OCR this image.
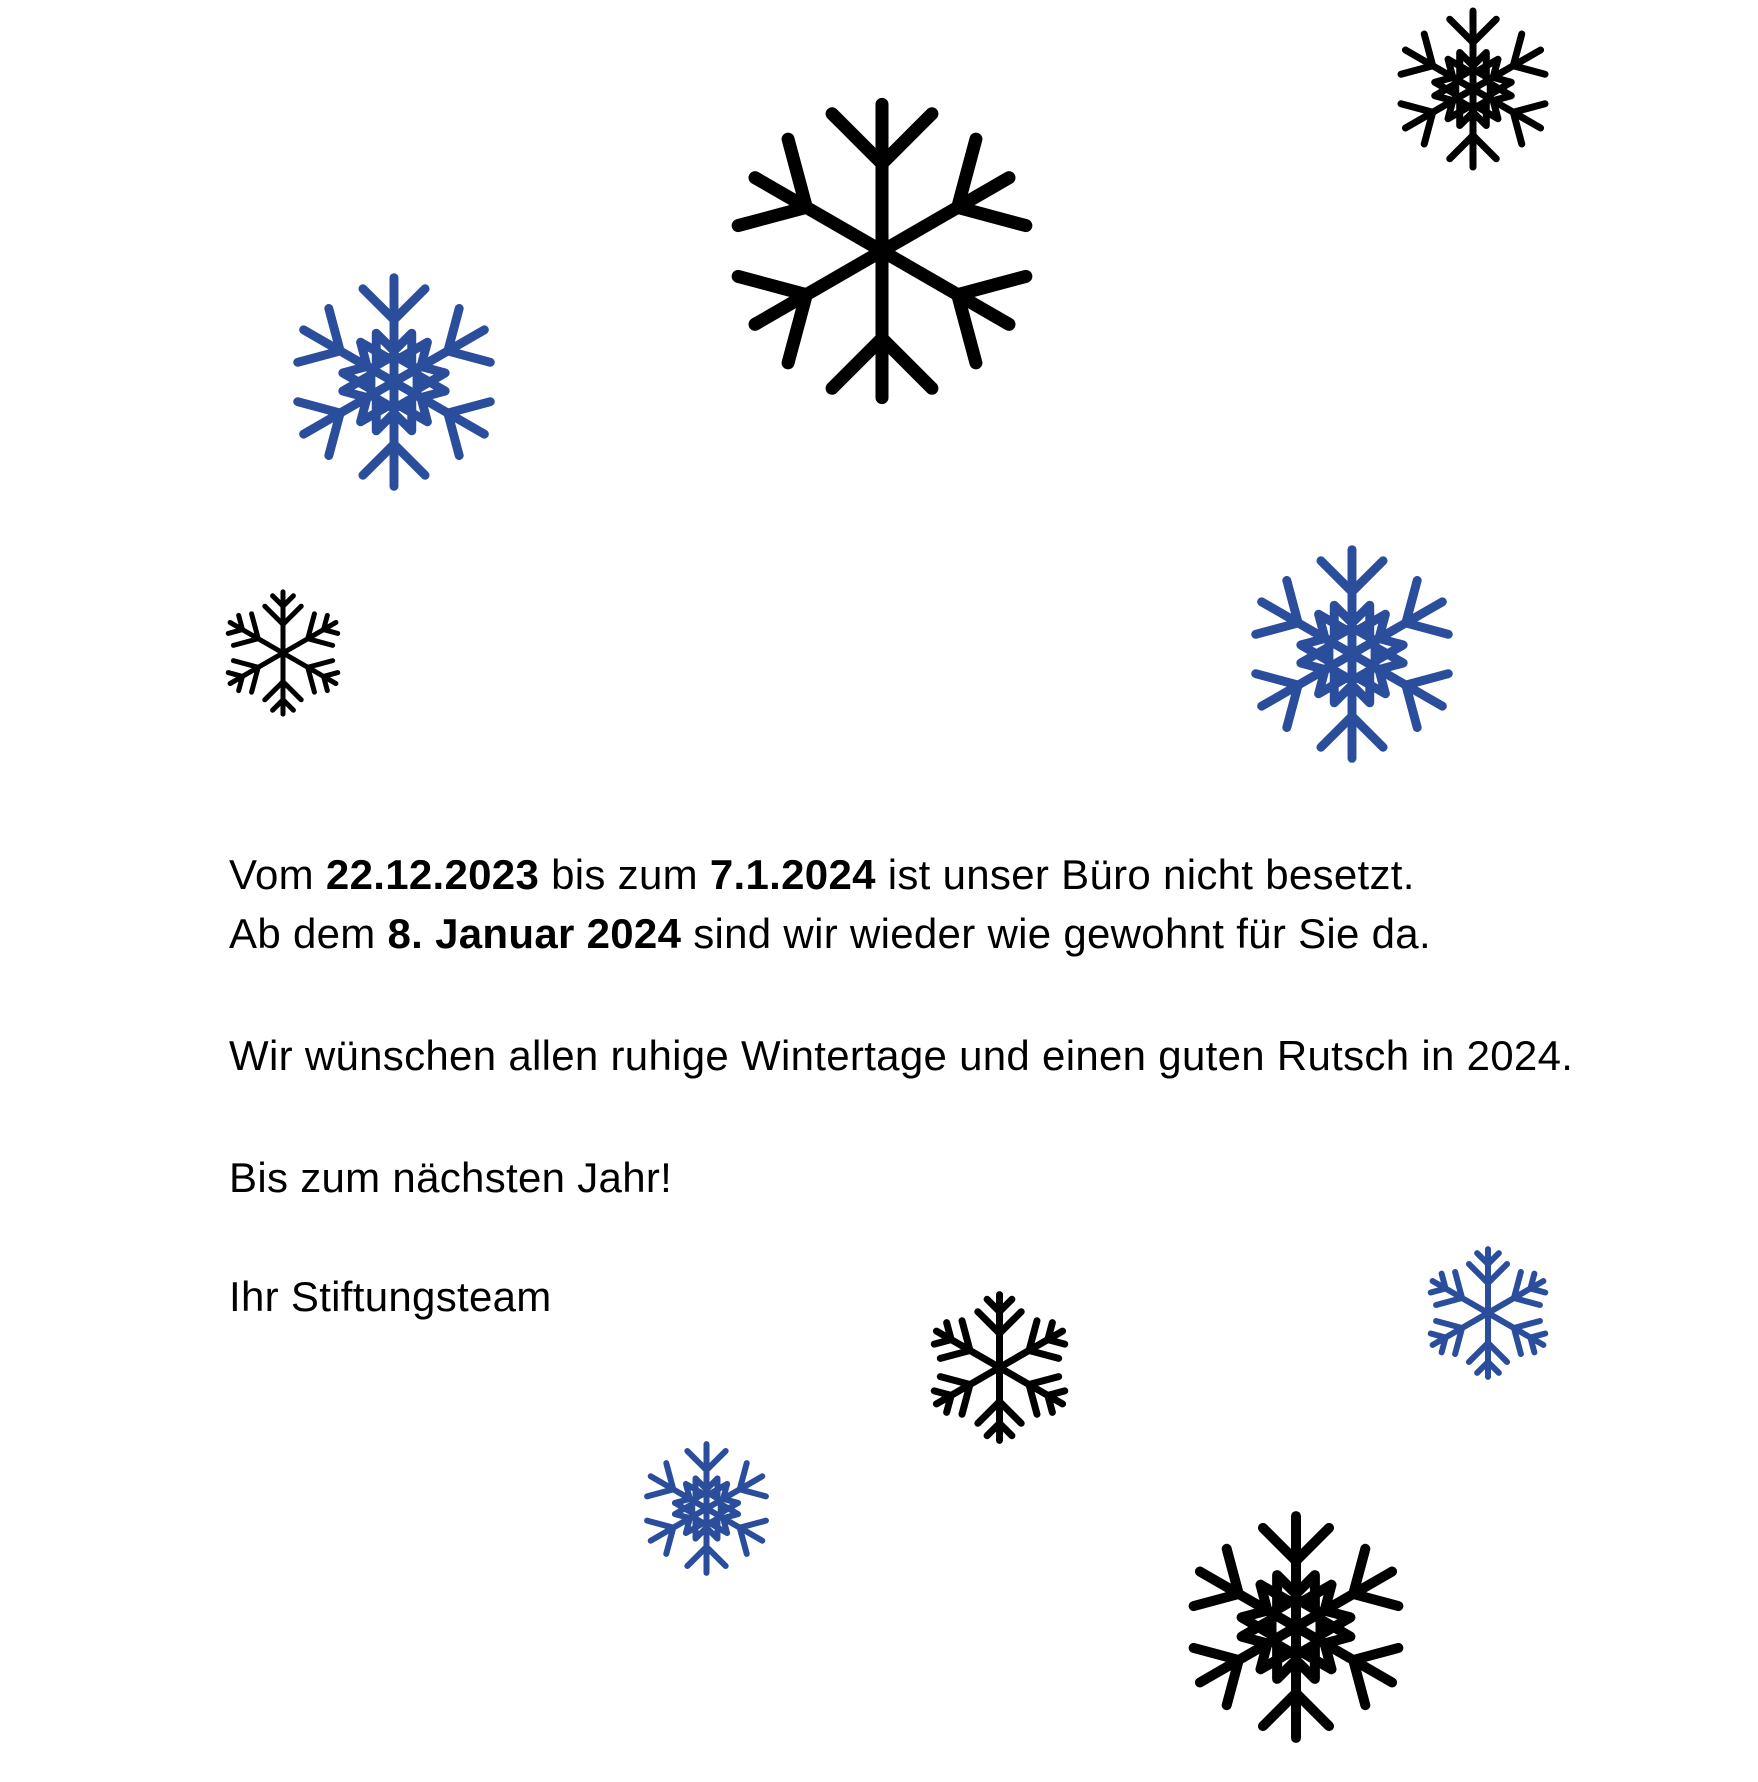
Vom 22.12.2023 bis zum 7.1.2024 ist unser Büro nicht besetzt.

Ab dem 8. Januar 2024 sind wir wieder wie gewohnt für Sie da.

Wir wünschen allen ruhige Wintertage und einen guten Rutsch in 2024.

Bis zum nächsten Jahr!

Ihr Stiftungsteam
